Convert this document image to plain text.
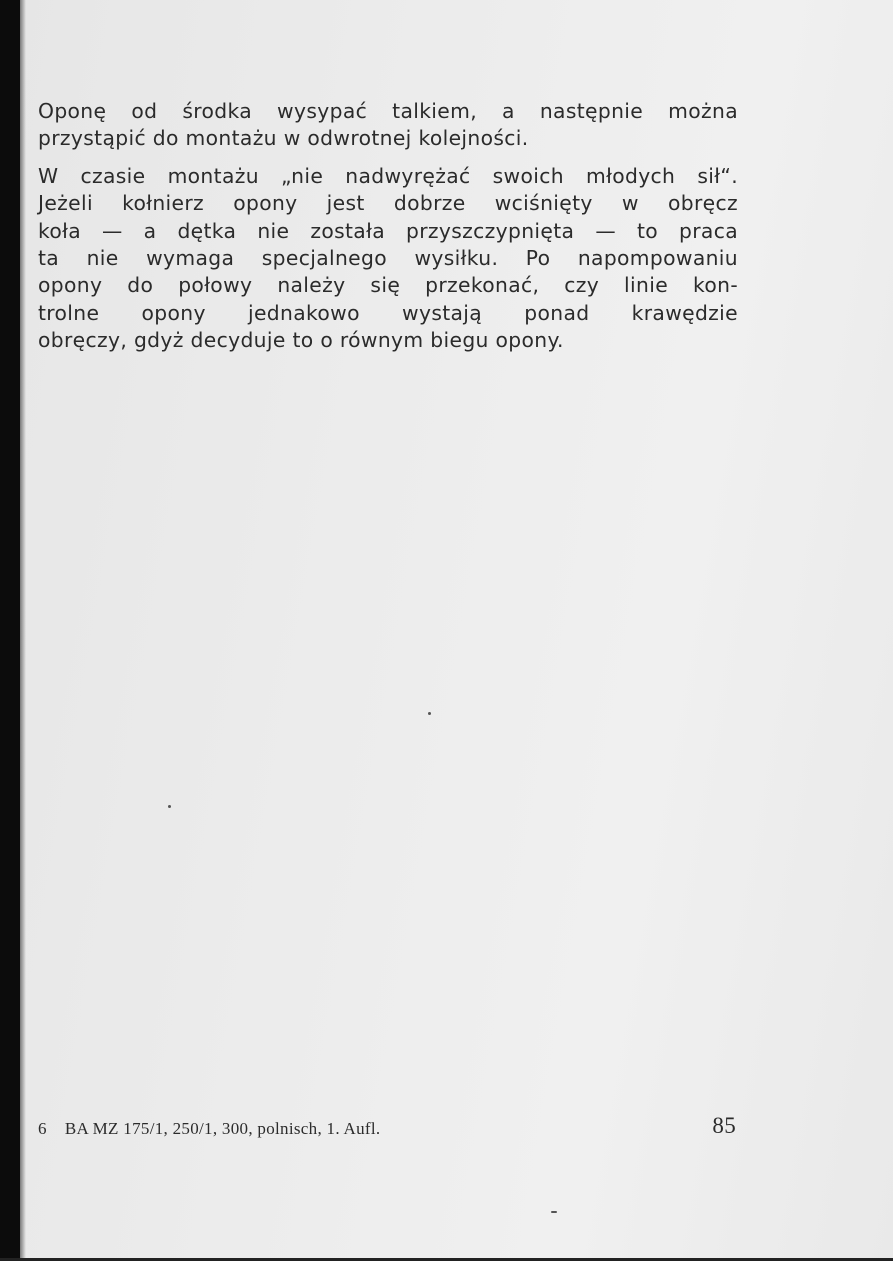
Oponę od środka wysypać talkiem, a następnie można
przystąpić do montażu w odwrotnej kolejności.

W czasie montażu „nie nadwyrężać swoich młodych sił“.
Jeżeli kołnierz opony jest dobrze wciśnięty w obręcz
koła — a dętka nie została przyszczypnięta — to praca
ta nie wymaga specjalnego wysiłku. Po napompowaniu
opony do połowy należy się przekonać, czy linie kon-
trolne opony jednakowo wystają ponad krawędzie
obręczy, gdyż decyduje to o równym biegu opony.

6 BA MZ 175/1, 250/1, 300, polnisch, 1. Aufl.	85
